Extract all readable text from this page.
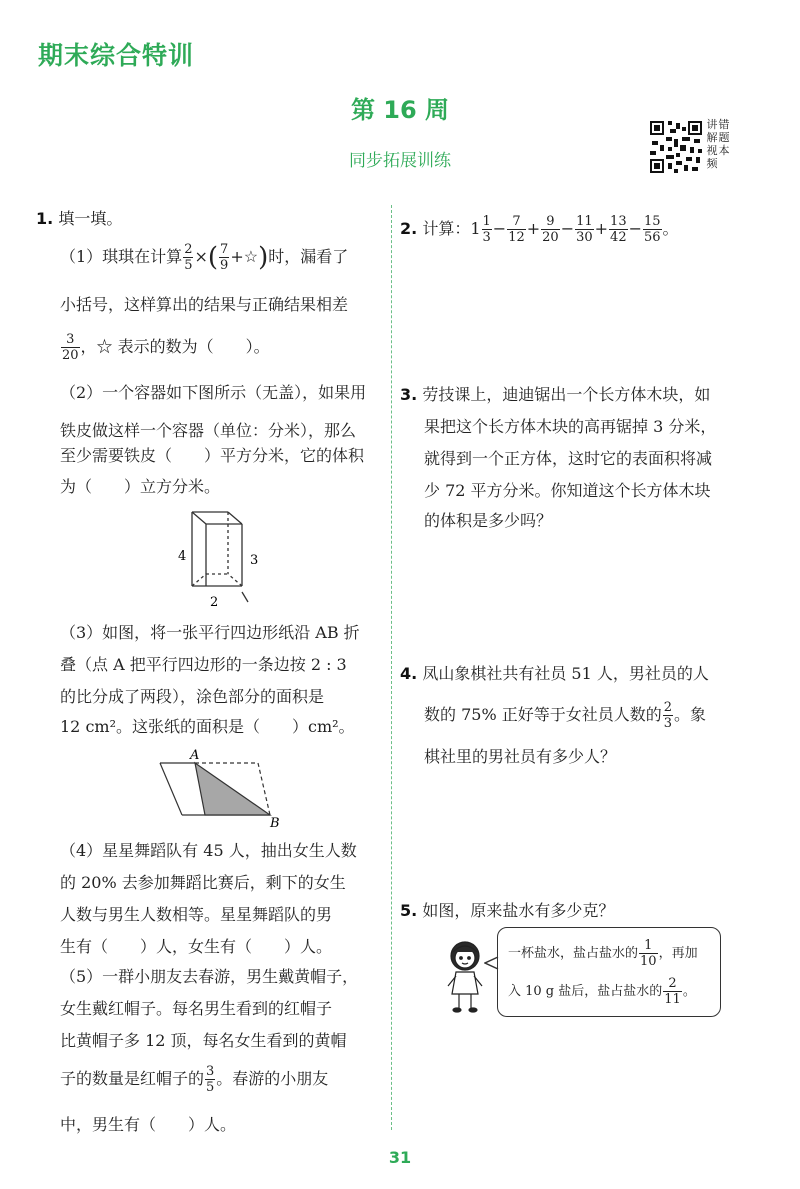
期末综合特训
第 16 周
同步拓展训练
讲解视频错题本
1. 填一填。
（1）琪琪在计算 $\frac{2}{5}$ ×( $\frac{7}{9}$ +☆)时，漏看了
小括号，这样算出的结果与正确结果相差
$\frac{3}{20}$ ，☆ 表示的数为（　　）。
（2）一个容器如下图所示（无盖），如果用
铁皮做这样一个容器（单位：分米），那么
至少需要铁皮（　　）平方分米，它的体积
为（　　）立方分米。
4	3
2
（3）如图，将一张平行四边形纸沿 AB 折
叠（点 A 把平行四边形的一条边按 2 : 3
的比分成了两段），涂色部分的面积是
12 cm²。这张纸的面积是（　　）cm²。
A
B
（4）星星舞蹈队有 45 人，抽出女生人数
的 20% 去参加舞蹈比赛后，剩下的女生
人数与男生人数相等。星星舞蹈队的男
生有（　　）人，女生有（　　）人。
（5）一群小朋友去春游，男生戴黄帽子，
女生戴红帽子。每名男生看到的红帽子
比黄帽子多 12 顶，每名女生看到的黄帽
子的数量是红帽子的 $\frac{3}{5}$ 。春游的小朋友
中，男生有（　　）人。
2. 计算：$1 \frac{1}{3} - \frac{7}{12} + \frac{9}{20} - \frac{11}{30} + \frac{13}{42} - \frac{15}{56}$ 。
3. 劳技课上，迪迪锯出一个长方体木块，如
果把这个长方体木块的高再锯掉 3 分米，
就得到一个正方体，这时它的表面积将减
少 72 平方分米。你知道这个长方体木块
的体积是多少吗？
4. 凤山象棋社共有社员 51 人，男社员的人
数的 75% 正好等于女社员人数的 $\frac{2}{3}$ 。象
棋社里的男社员有多少人？
5. 如图，原来盐水有多少克？
一杯盐水，盐占盐水的 $\frac{1}{10}$ ，再加
入 10 g 盐后，盐占盐水的 $\frac{2}{11}$ 。
31
